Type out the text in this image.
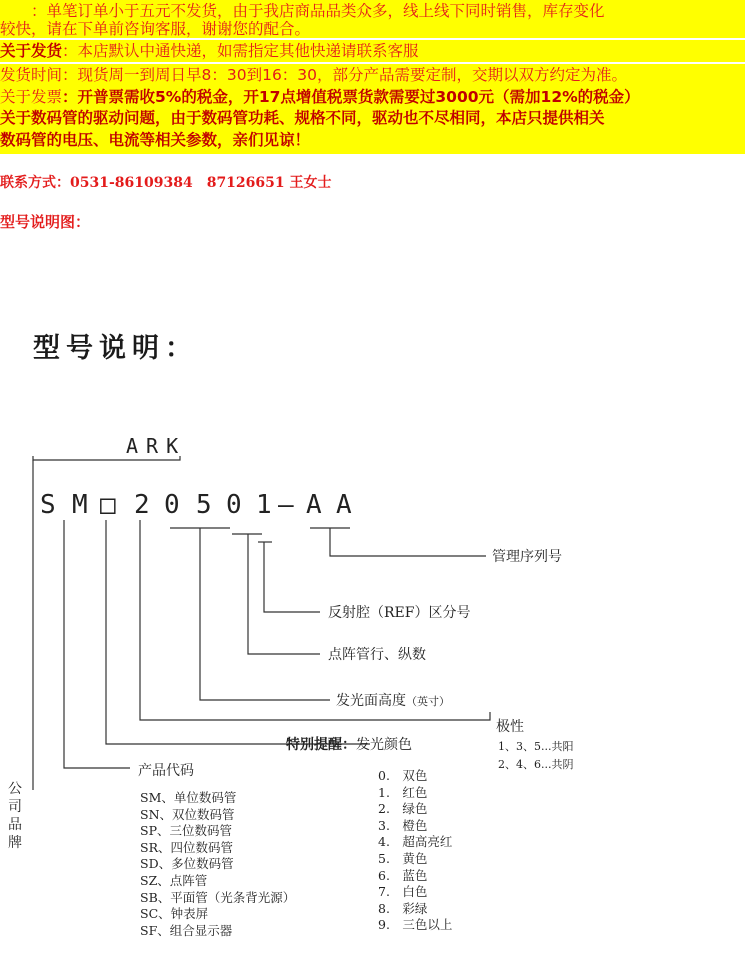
　　：单笔订单小于五元不发货，由于我店商品品类众多，线上线下同时销售，库存变化
较快，请在下单前咨询客服，谢谢您的配合。
关于发货：本店默认中通快递，如需指定其他快递请联系客服
发货时间：现货周一到周日早8：30到16：30，部分产品需要定制，交期以双方约定为准。
关于发票：开普票需收5%的税金，开17点增值税票货款需要过3000元（需加12%的税金）
关于数码管的驱动问题，由于数码管功耗、规格不同，驱动也不尽相同，本店只提供相关
数码管的电压、电流等相关参数，亲们见谅！
联系方式：0531-86109384　87126651 王女士
型号说明图：
型号说明：
ARK
S M □ 2 0 5 0 1 — A A
管理序列号
反射腔（REF）区分号
点阵管行、纵数
发光面高度（英寸）
极性
1、3、5...共阳
2、4、6...共阴
特别提醒：发光颜色
产品代码
SM、单位数码管
SN、双位数码管
SP、三位数码管
SR、四位数码管
SD、多位数码管
SZ、点阵管
SB、平面管（光条背光源）
SC、钟表屏
SF、组合显示器
0.　双色
1.　红色
2.　绿色
3.　橙色
4.　超高亮红
5.　黄色
6.　蓝色
7.　白色
8.　彩绿
9.　三色以上
公司品牌
